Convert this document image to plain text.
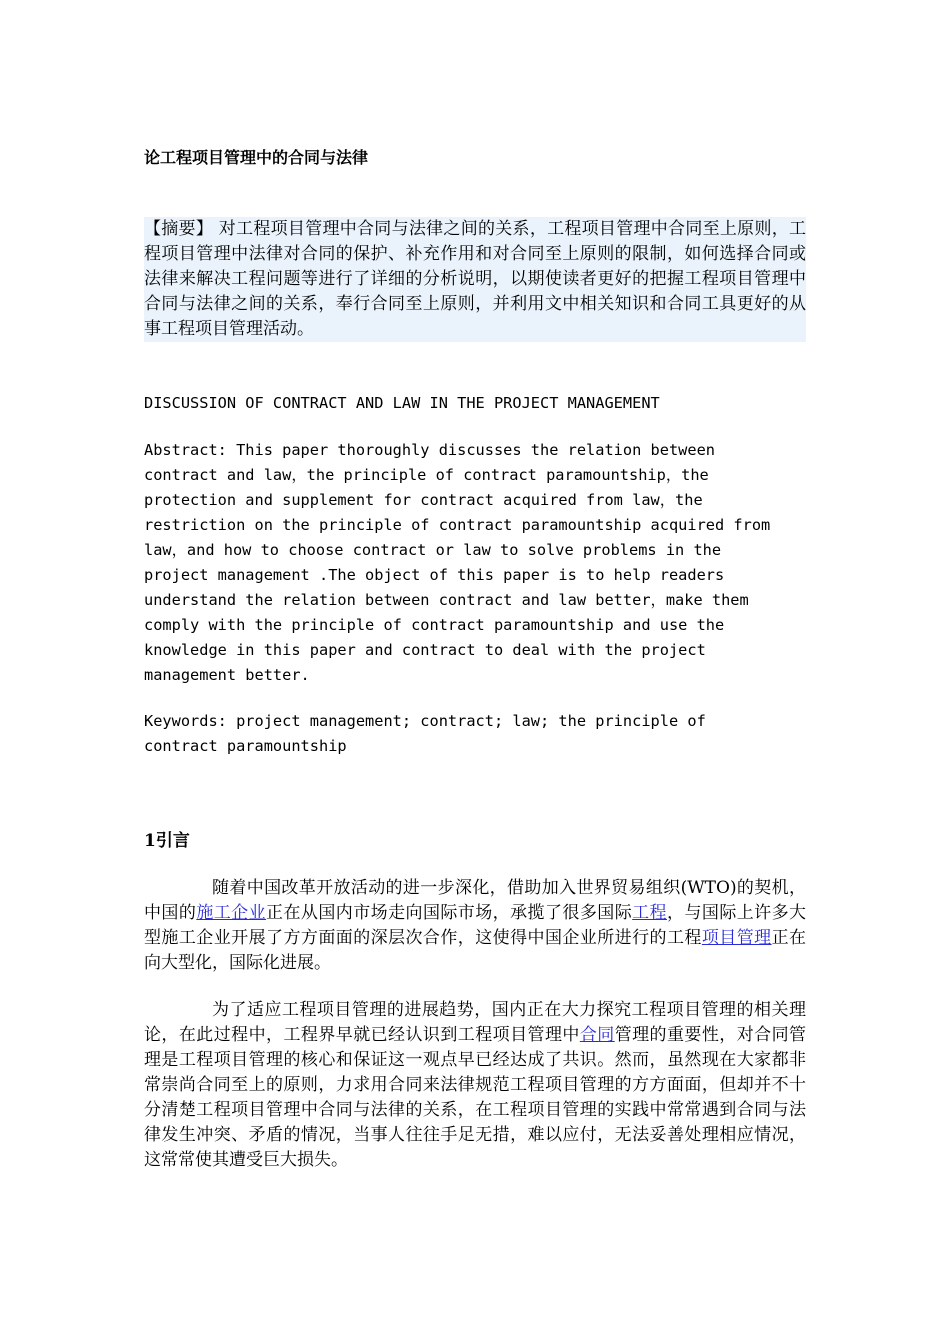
论工程项目管理中的合同与法律

【摘要】 对工程项目管理中合同与法律之间的关系，工程项目管理中合同至上原则，工程项目管理中法律对合同的保护、补充作用和对合同至上原则的限制，如何选择合同或法律来解决工程问题等进行了详细的分析说明，以期使读者更好的把握工程项目管理中合同与法律之间的关系，奉行合同至上原则，并利用文中相关知识和合同工具更好的从事工程项目管理活动。

DISCUSSION OF CONTRACT AND LAW IN THE PROJECT MANAGEMENT

Abstract: This paper thoroughly discusses the relation between
contract and law，the principle of contract paramountship，the
protection and supplement for contract acquired from law，the
restriction on the principle of contract paramountship acquired from
law，and how to choose contract or law to solve problems in the
project management .The object of this paper is to help readers
understand the relation between contract and law better，make them
comply with the principle of contract paramountship and use the
knowledge in this paper and contract to deal with the project
management better.
Keywords: project management; contract; law; the principle of
contract paramountship
1引言

随着中国改革开放活动的进一步深化，借助加入世界贸易组织(WTO)的契机，中国的施工企业正在从国内市场走向国际市场，承揽了很多国际工程，与国际上许多大型施工企业开展了方方面面的深层次合作，这使得中国企业所进行的工程项目管理正在向大型化，国际化进展。

为了适应工程项目管理的进展趋势，国内正在大力探究工程项目管理的相关理论，在此过程中，工程界早就已经认识到工程项目管理中合同管理的重要性，对合同管理是工程项目管理的核心和保证这一观点早已经达成了共识。然而，虽然现在大家都非常崇尚合同至上的原则，力求用合同来法律规范工程项目管理的方方面面，但却并不十分清楚工程项目管理中合同与法律的关系，在工程项目管理的实践中常常遇到合同与法律发生冲突、矛盾的情况，当事人往往手足无措，难以应付，无法妥善处理相应情况，这常常使其遭受巨大损失。
